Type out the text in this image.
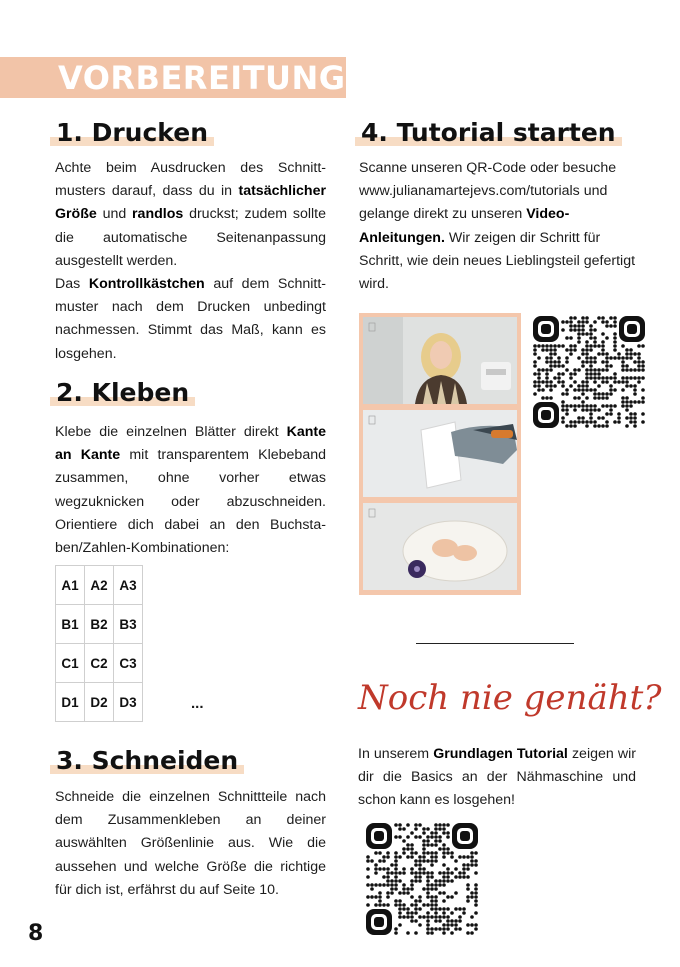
VORBEREITUNG
1. Drucken
Achte beim Ausdrucken des Schnittmusters darauf, dass du in tatsächlicher Größe und randlos druckst; zudem sollte die automatische Seitenanpassung ausgestellt werden.
Das Kontrollkästchen auf dem Schnittmuster nach dem Drucken unbedingt nachmessen. Stimmt das Maß, kann es losgehen.
2. Kleben
Klebe die einzelnen Blätter direkt Kante an Kante mit transparentem Klebeband zusammen, ohne vorher etwas wegzuknicken oder abzuschneiden. Orientiere dich dabei an den Buchstaben/Zahlen-Kombinationen:
A1	A2	A3
B1	B2	B3
C1	C2	C3
D1	D2	D3	...
3. Schneiden
Schneide die einzelnen Schnittteile nach dem Zusammenkleben an deiner auswählten Größenlinie aus. Wie die aussehen und welche Größe die richtige für dich ist, erfährst du auf Seite 10.
4. Tutorial starten
Scanne unseren QR-Code oder besuche www.julianamartejevs.com/tutorials und gelange direkt zu unseren Video-Anleitungen. Wir zeigen dir Schritt für Schritt, wie dein neues Lieblingsteil gefertigt wird.
Noch nie genäht?
In unserem Grundlagen Tutorial zeigen wir dir die Basics an der Nähmaschine und schon kann es losgehen!
8
